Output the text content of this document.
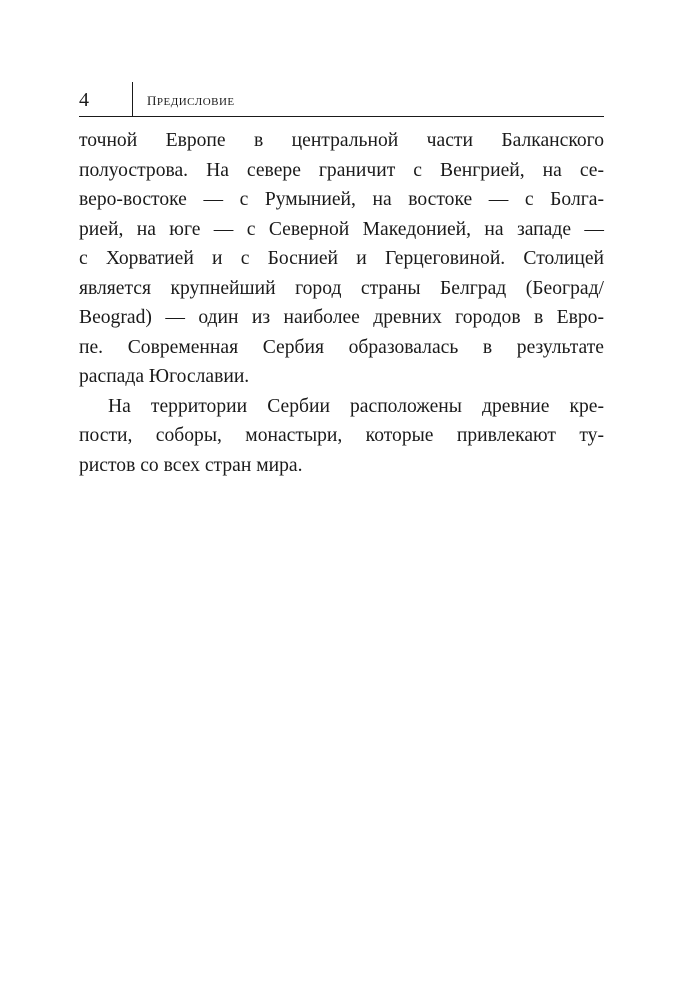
4	Предисловие
точной Европе в центральной части Балканского
полуострова. На севере граничит с Венгрией, на се-
веро-востоке — с Румынией, на востоке — с Болга-
рией, на юге — с Северной Македонией, на западе —
с Хорватией и с Боснией и Герцеговиной. Столицей
является крупнейший город страны Белград (Београд/
Beograd) — один из наиболее древних городов в Евро-
пе. Современная Сербия образовалась в результате
распада Югославии.
На территории Сербии расположены древние кре-
пости, соборы, монастыри, которые привлекают ту-
ристов со всех стран мира.
